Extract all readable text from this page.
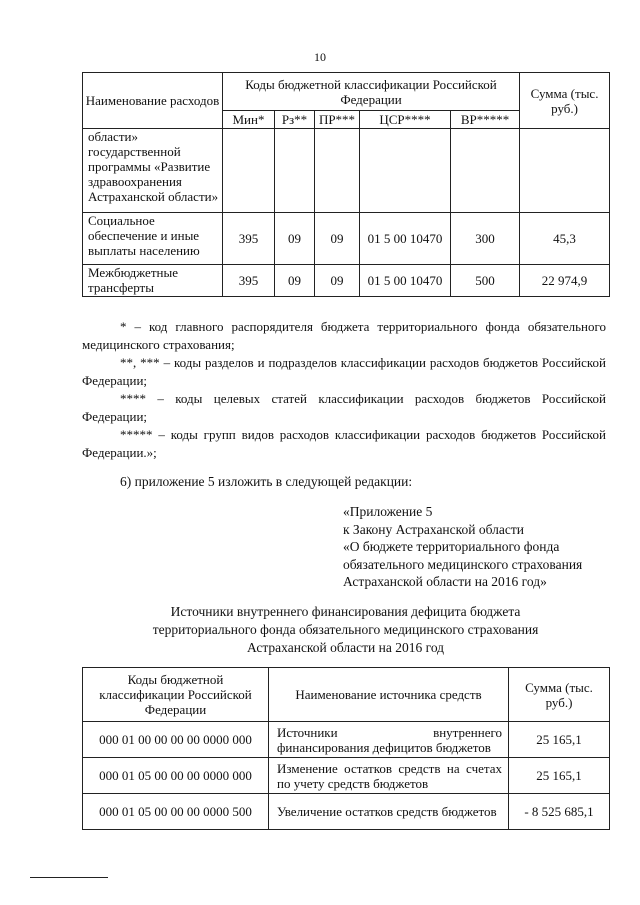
10
Наименование расходов	Коды бюджетной классификации Российской Федерации					Сумма (тыс. руб.)
	Мин*	Рз**	ПР***	ЦСР****	ВР*****	
области» государственной программы «Развитие здравоохранения Астраханской области»						
Социальное обеспечение и иные выплаты населению	395	09	09	01 5 00 10470	300	45,3
Межбюджетные трансферты	395	09	09	01 5 00 10470	500	22 974,9

* – код главного распорядителя бюджета территориального фонда обязательного медицинского страхования;

**, *** – коды разделов и подразделов классификации расходов бюджетов Российской Федерации;

**** – коды целевых статей классификации расходов бюджетов Российской Федерации;

***** – коды групп видов расходов классификации расходов бюджетов Российской Федерации.»;

6) приложение 5 изложить в следующей редакции:
«Приложение 5
к Закону Астраханской области
«О бюджете территориального фонда
обязательного медицинского страхования
Астраханской области на 2016 год»
Источники внутреннего финансирования дефицита бюджета
территориального фонда обязательного медицинского страхования
Астраханской области на 2016 год
Коды бюджетной классификации Российской Федерации	Наименование источника средств	Сумма (тыс. руб.)
000 01 00 00 00 00 0000 000	Источники внутреннего финансирования дефицитов бюджетов	25 165,1
000 01 05 00 00 00 0000 000	Изменение остатков средств на счетах по учету средств бюджетов	25 165,1
000 01 05 00 00 00 0000 500	Увеличение остатков средств бюджетов	- 8 525 685,1
